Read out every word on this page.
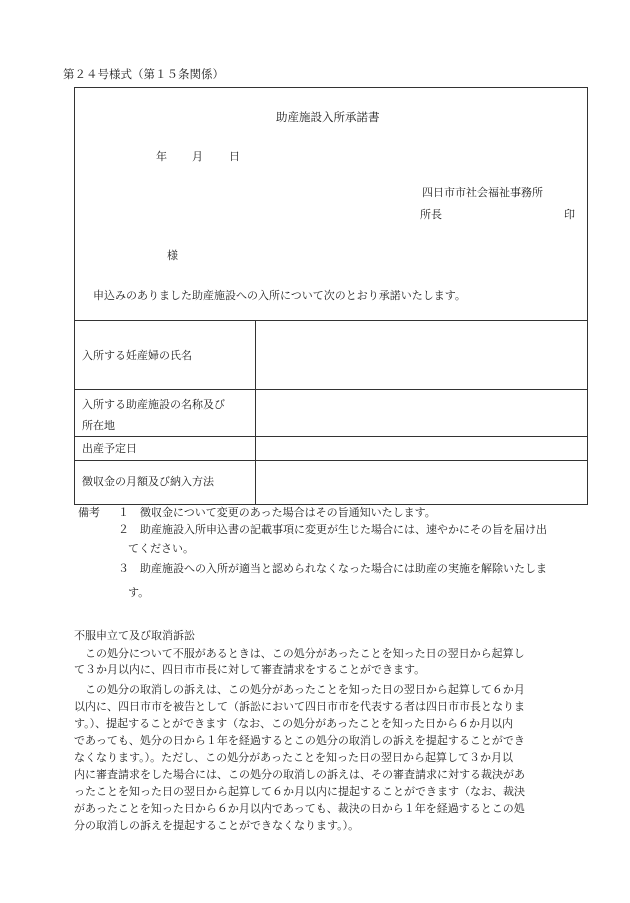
第２４号様式（第１５条関係）
助産施設入所承諾書
年 月 日
四日市市社会福祉事務所
所長	印
様
申込みのありました助産施設への入所について次のとおり承諾いたします。
入所する妊産婦の氏名
入所する助産施設の名称及び
所在地
出産予定日
徴収金の月額及び納入方法
備考 １ 徴収金について変更のあった場合はその旨通知いたします。
２ 助産施設入所申込書の記載事項に変更が生じた場合には、速やかにその旨を届け出
てください。
３ 助産施設への入所が適当と認められなくなった場合には助産の実施を解除いたしま
す。
不服申立て及び取消訴訟
　この処分について不服があるときは、この処分があったことを知った日の翌日から起算し
て３か月以内に、四日市市長に対して審査請求をすることができます。
　この処分の取消しの訴えは、この処分があったことを知った日の翌日から起算して６か月
以内に、四日市市を被告として（訴訟において四日市市を代表する者は四日市市長となりま
す。）、提起することができます（なお、この処分があったことを知った日から６か月以内
であっても、処分の日から１年を経過するとこの処分の取消しの訴えを提起することができ
なくなります。）。ただし、この処分があったことを知った日の翌日から起算して３か月以
内に審査請求をした場合には、この処分の取消しの訴えは、その審査請求に対する裁決があ
ったことを知った日の翌日から起算して６か月以内に提起することができます（なお、裁決
があったことを知った日から６か月以内であっても、裁決の日から１年を経過するとこの処
分の取消しの訴えを提起することができなくなります。）。
